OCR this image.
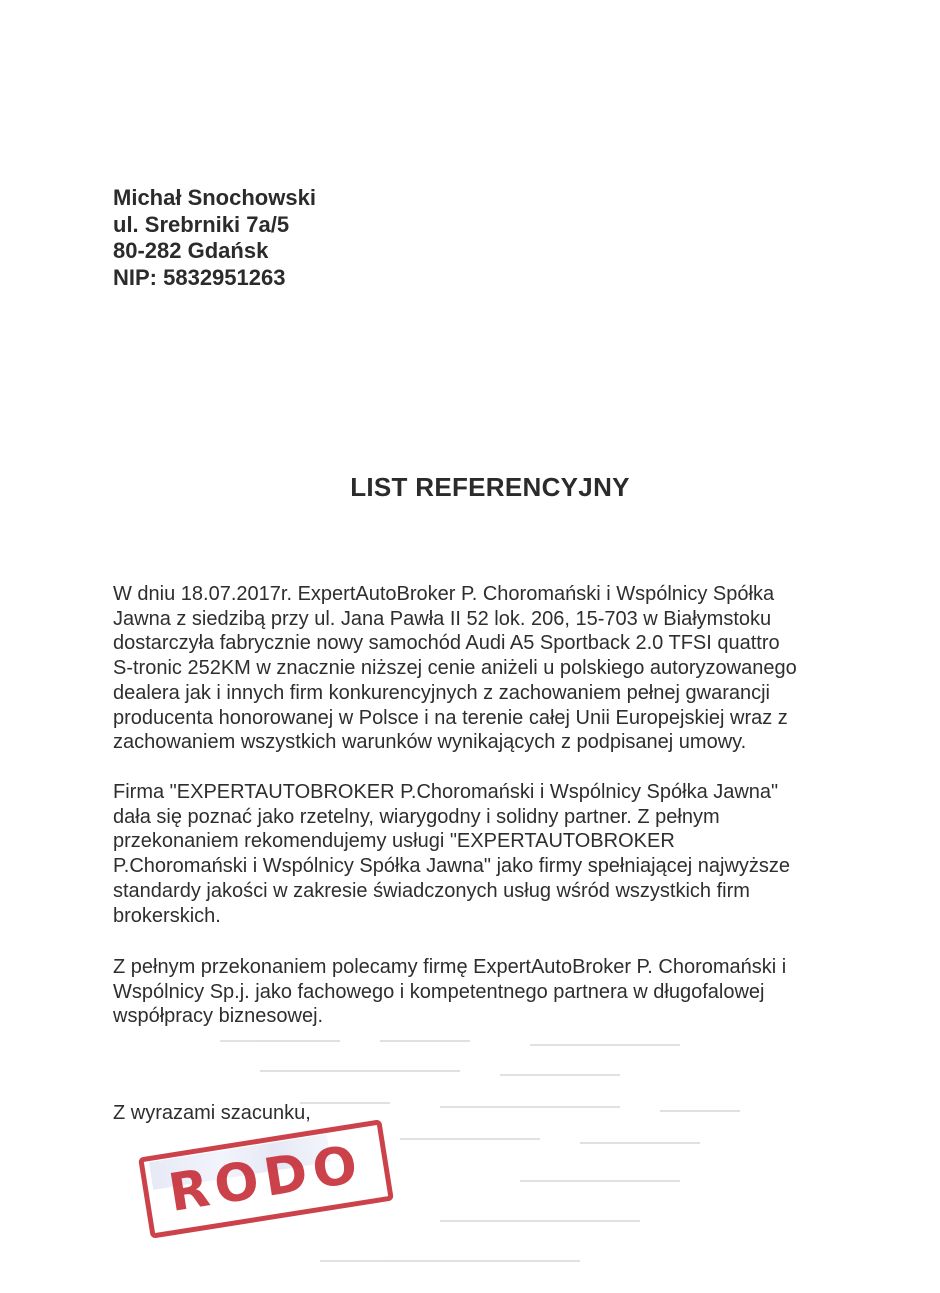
Michał Snochowski
ul. Srebrniki 7a/5
80-282 Gdańsk
NIP: 5832951263
LIST REFERENCYJNY
W dniu 18.07.2017r. ExpertAutoBroker P. Choromański i Wspólnicy Spółka
Jawna z siedzibą przy ul. Jana Pawła II 52 lok. 206, 15-703 w Białymstoku
dostarczyła fabrycznie nowy samochód Audi A5 Sportback 2.0 TFSI quattro
S-tronic 252KM w znacznie niższej cenie aniżeli u polskiego autoryzowanego
dealera jak i innych firm konkurencyjnych z zachowaniem pełnej gwarancji
producenta honorowanej w Polsce i na terenie całej Unii Europejskiej wraz z
zachowaniem wszystkich warunków wynikających z podpisanej umowy.
Firma "EXPERTAUTOBROKER P.Choromański i Wspólnicy Spółka Jawna"
dała się poznać jako rzetelny, wiarygodny i solidny partner. Z pełnym
przekonaniem rekomendujemy usługi "EXPERTAUTOBROKER
P.Choromański i Wspólnicy Spółka Jawna" jako firmy spełniającej najwyższe
standardy jakości w zakresie świadczonych usług wśród wszystkich firm
brokerskich.
Z pełnym przekonaniem polecamy firmę ExpertAutoBroker P. Choromański i
Wspólnicy Sp.j. jako fachowego i kompetentnego partnera w długofalowej
współpracy biznesowej.
Z wyrazami szacunku,
RODO
